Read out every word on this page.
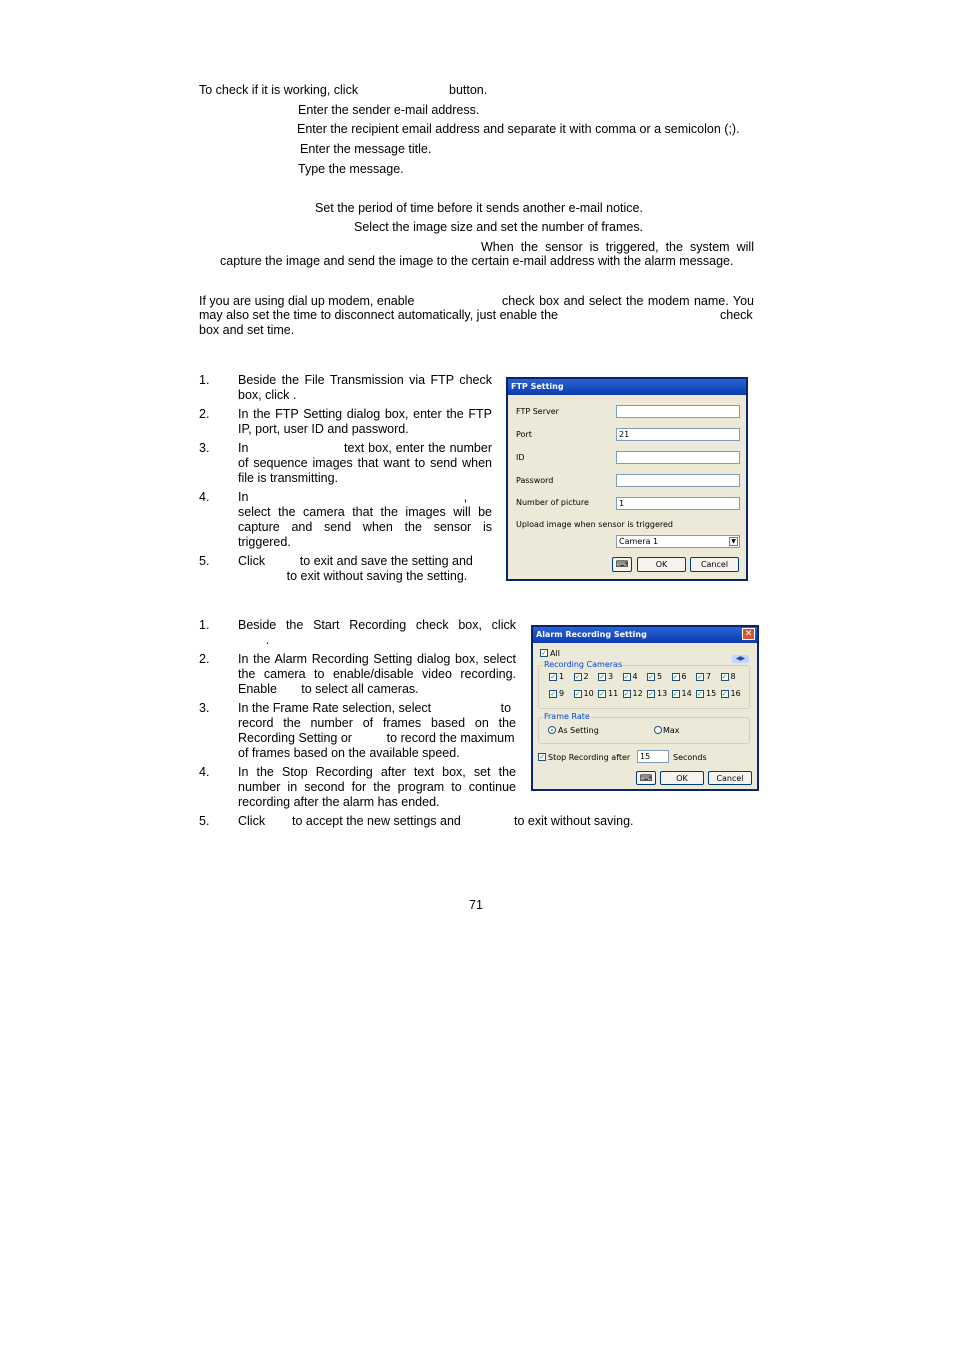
To check if it is working, click	button.
Enter the sender e-mail address.
Enter the recipient email address and separate it with comma or a semicolon (;).
Enter the message title.
Type the message.
Set the period of time before it sends another e-mail notice.
Select the image size and set the number of frames.
When the sensor is triggered, the system will
capture the image and send the image to the certain e-mail address with the alarm message.
If you are using dial up modem, enable	check box and select the modem name. You
may also set the time to disconnect automatically, just enable the	check
box and set time.
1. Beside the File Transmission via FTP check
box, click .
2. In the FTP Setting dialog box, enter the FTP
IP, port, user ID and password.
3. In                        text box, enter the number
of sequence images that want to send when
file is transmitting.
4. In                                                              ,
select the camera that the images will be
capture and send when the sensor is
triggered.
5. Click          to exit and save the setting and
to exit without saving the setting.
FTP Setting
FTP Server
Port	21
ID
Password
Number of picture	1
Upload image when sensor is triggered
Camera 1	▼
⌨	OK	Cancel
1. Beside the Start Recording check box, click
.
2. In the Alarm Recording Setting dialog box, select
the camera to enable/disable video recording.
Enable       to select all cameras.
3. In the Frame Rate selection, select                    to
record the number of frames based on the
Recording Setting or          to record the maximum
of frames based on the available speed.
4. In the Stop Recording after text box, set the
number in second for the program to continue
recording after the alarm has ended.
5. Click to accept the new settings and	to exit without saving.
Alarm Recording Setting	✕
✓ All
Recording Cameras
◀▶
✓ 1 ✓ 2 ✓ 3 ✓ 4 ✓ 5 ✓ 6 ✓ 7 ✓ 8
✓ 9 ✓ 10 ✓ 11 ✓ 12 ✓ 13 ✓ 14 ✓ 15 ✓ 16
Frame Rate
As Setting	Max
✓ Stop Recording after	15	Seconds
⌨	OK	Cancel
71
